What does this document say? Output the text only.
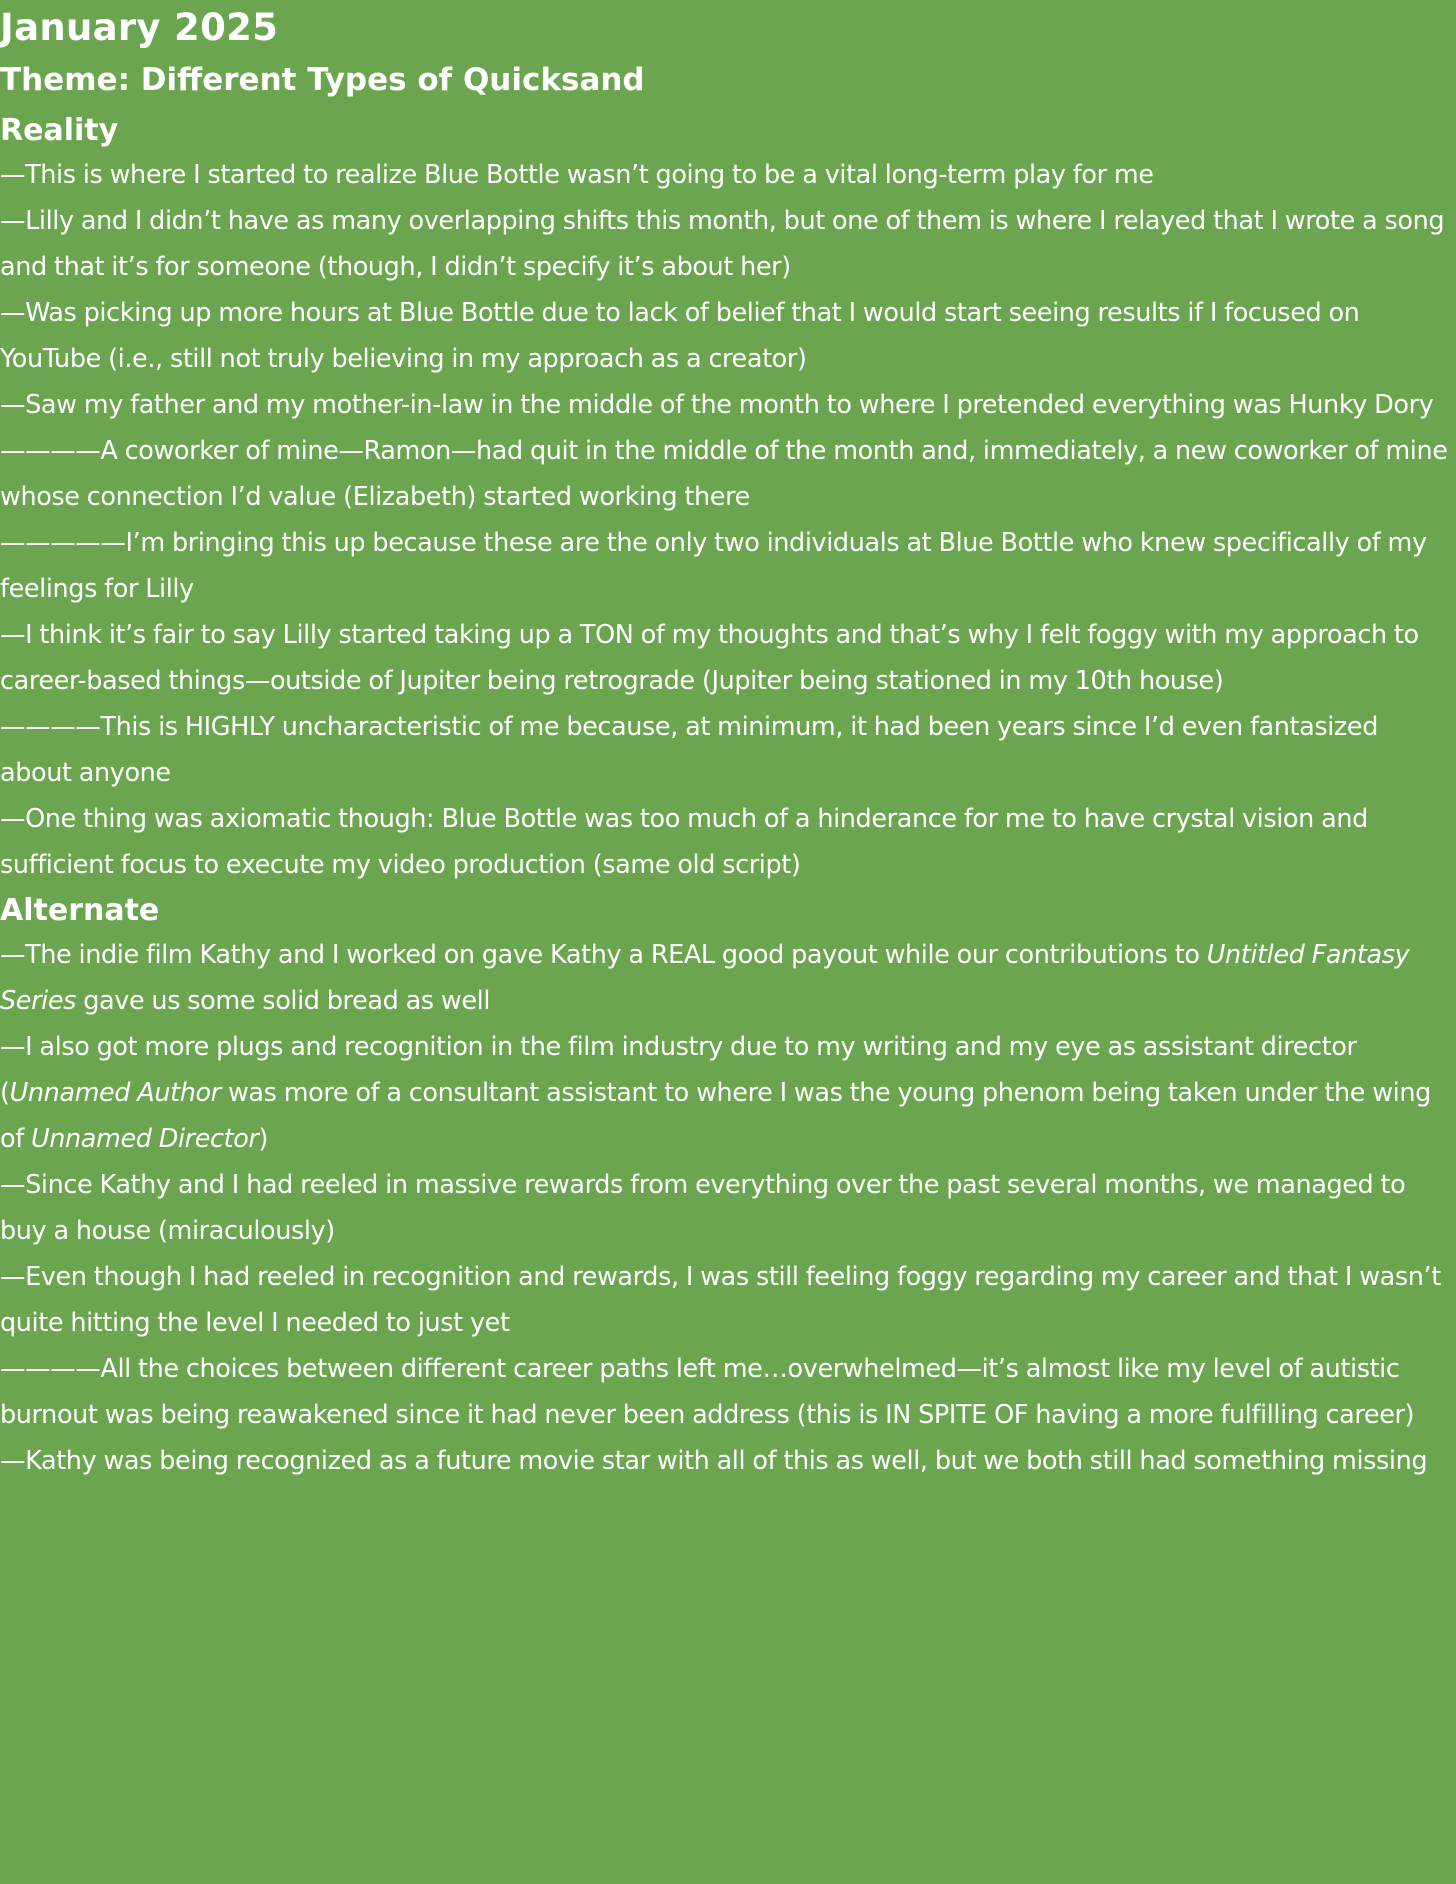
January 2025
Theme: Different Types of Quicksand
Reality
—This is where I started to realize Blue Bottle wasn’t going to be a vital long-term play for me
—Lilly and I didn’t have as many overlapping shifts this month, but one of them is where I relayed that I wrote a song and that it’s for someone (though, I didn’t specify it’s about her)
—Was picking up more hours at Blue Bottle due to lack of belief that I would start seeing results if I focused on YouTube (i.e., still not truly believing in my approach as a creator)
—Saw my father and my mother-in-law in the middle of the month to where I pretended everything was Hunky Dory
————A coworker of mine—Ramon—had quit in the middle of the month and, immediately, a new coworker of mine whose connection I’d value (Elizabeth) started working there
—————I’m bringing this up because these are the only two individuals at Blue Bottle who knew specifically of my feelings for Lilly
—I think it’s fair to say Lilly started taking up a TON of my thoughts and that’s why I felt foggy with my approach to career-based things—outside of Jupiter being retrograde (Jupiter being stationed in my 10th house)
————This is HIGHLY uncharacteristic of me because, at minimum, it had been years since I’d even fantasized about anyone
—One thing was axiomatic though: Blue Bottle was too much of a hinderance for me to have crystal vision and sufficient focus to execute my video production (same old script)
Alternate
—The indie film Kathy and I worked on gave Kathy a REAL good payout while our contributions to Untitled Fantasy Series gave us some solid bread as well
—I also got more plugs and recognition in the film industry due to my writing and my eye as assistant director (Unnamed Author was more of a consultant assistant to where I was the young phenom being taken under the wing of Unnamed Director)
—Since Kathy and I had reeled in massive rewards from everything over the past several months, we managed to buy a house (miraculously)
—Even though I had reeled in recognition and rewards, I was still feeling foggy regarding my career and that I wasn’t quite hitting the level I needed to just yet
————All the choices between different career paths left me…overwhelmed—it’s almost like my level of autistic burnout was being reawakened since it had never been address (this is IN SPITE OF having a more fulfilling career)
—Kathy was being recognized as a future movie star with all of this as well, but we both still had something missing
